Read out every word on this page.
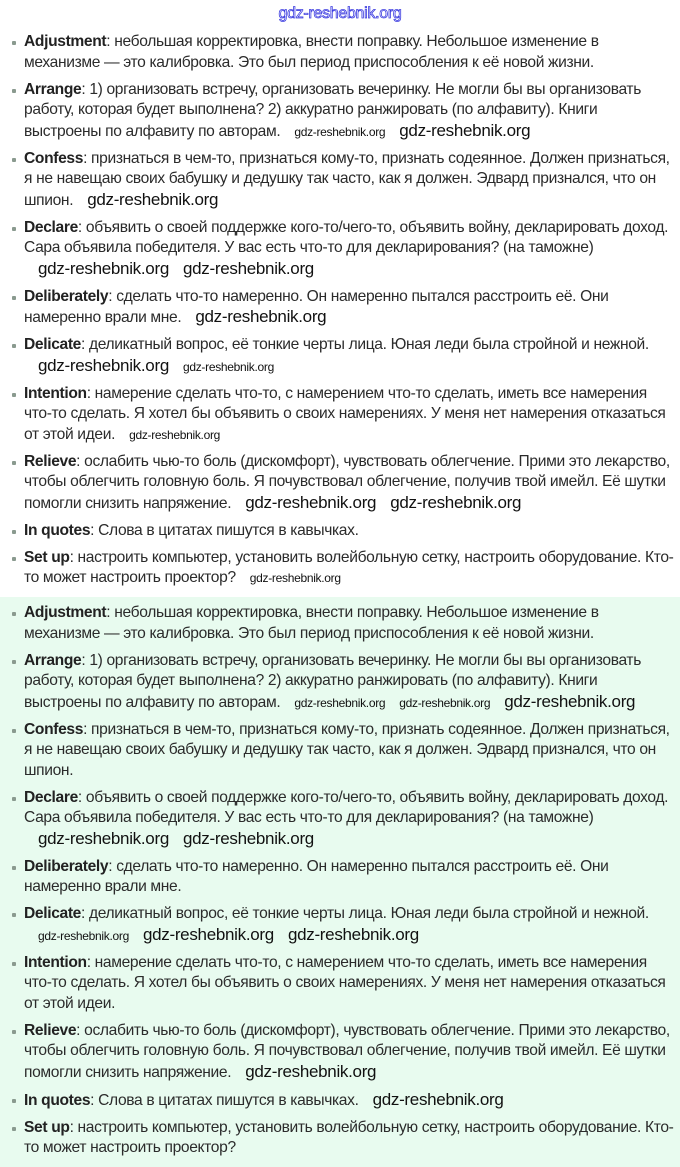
gdz-reshebnik.org
Adjustment: небольшая корректировка, внести поправку. Небольшое изменение в механизме — это калибровка. Это был период приспособления к её новой жизни.
Arrange: 1) организовать встречу, организовать вечеринку. Не могли бы вы организовать работу, которая будет выполнена? 2) аккуратно ранжировать (по алфавиту). Книги выстроены по алфавиту по авторам. gdz-reshebnik.org gdz-reshebnik.org
Confess: признаться в чем-то, признаться кому-то, признать содеянное. Должен признаться, я не навещаю своих бабушку и дедушку так часто, как я должен. Эдвард признался, что он шпион. gdz-reshebnik.org
Declare: объявить о своей поддержке кого-то/чего-то, объявить войну, декларировать доход. Сара объявила победителя. У вас есть что-то для декларирования? (на таможне)gdz-reshebnik.org gdz-reshebnik.org
Deliberately: сделать что-то намеренно. Он намеренно пытался расстроить её. Они намеренно врали мне. gdz-reshebnik.org
Delicate: деликатный вопрос, её тонкие черты лица. Юная леди была стройной и нежной.gdz-reshebnik.org gdz-reshebnik.org
Intention: намерение сделать что-то, с намерением что-то сделать, иметь все намерения что-то сделать. Я хотел бы объявить о своих намерениях. У меня нет намерения отказаться от этой идеи. gdz-reshebnik.org
Relieve: ослабить чью-то боль (дискомфорт), чувствовать облегчение. Прими это лекарство, чтобы облегчить головную боль. Я почувствовал облегчение, получив твой имейл. Её шутки помогли снизить напряжение. gdz-reshebnik.org gdz-reshebnik.org
In quotes: Слова в цитатах пишутся в кавычках.
Set up: настроить компьютер, установить волейбольную сетку, настроить оборудование. Кто-то может настроить проектор? gdz-reshebnik.org
Adjustment: небольшая корректировка, внести поправку. Небольшое изменение в механизме — это калибровка. Это был период приспособления к её новой жизни.
Arrange: 1) организовать встречу, организовать вечеринку. Не могли бы вы организовать работу, которая будет выполнена? 2) аккуратно ранжировать (по алфавиту). Книги выстроены по алфавиту по авторам. gdz-reshebnik.org gdz-reshebnik.org gdz-reshebnik.org
Confess: признаться в чем-то, признаться кому-то, признать содеянное. Должен признаться, я не навещаю своих бабушку и дедушку так часто, как я должен. Эдвард признался, что он шпион.
Declare: объявить о своей поддержке кого-то/чего-то, объявить войну, декларировать доход. Сара объявила победителя. У вас есть что-то для декларирования? (на таможне)gdz-reshebnik.org gdz-reshebnik.org
Deliberately: сделать что-то намеренно. Он намеренно пытался расстроить её. Они намеренно врали мне.
Delicate: деликатный вопрос, её тонкие черты лица. Юная леди была стройной и нежной.gdz-reshebnik.org gdz-reshebnik.org gdz-reshebnik.org
Intention: намерение сделать что-то, с намерением что-то сделать, иметь все намерения что-то сделать. Я хотел бы объявить о своих намерениях. У меня нет намерения отказаться от этой идеи.
Relieve: ослабить чью-то боль (дискомфорт), чувствовать облегчение. Прими это лекарство, чтобы облегчить головную боль. Я почувствовал облегчение, получив твой имейл. Её шутки помогли снизить напряжение. gdz-reshebnik.org
In quotes: Слова в цитатах пишутся в кавычках. gdz-reshebnik.org
Set up: настроить компьютер, установить волейбольную сетку, настроить оборудование. Кто-то может настроить проектор?
